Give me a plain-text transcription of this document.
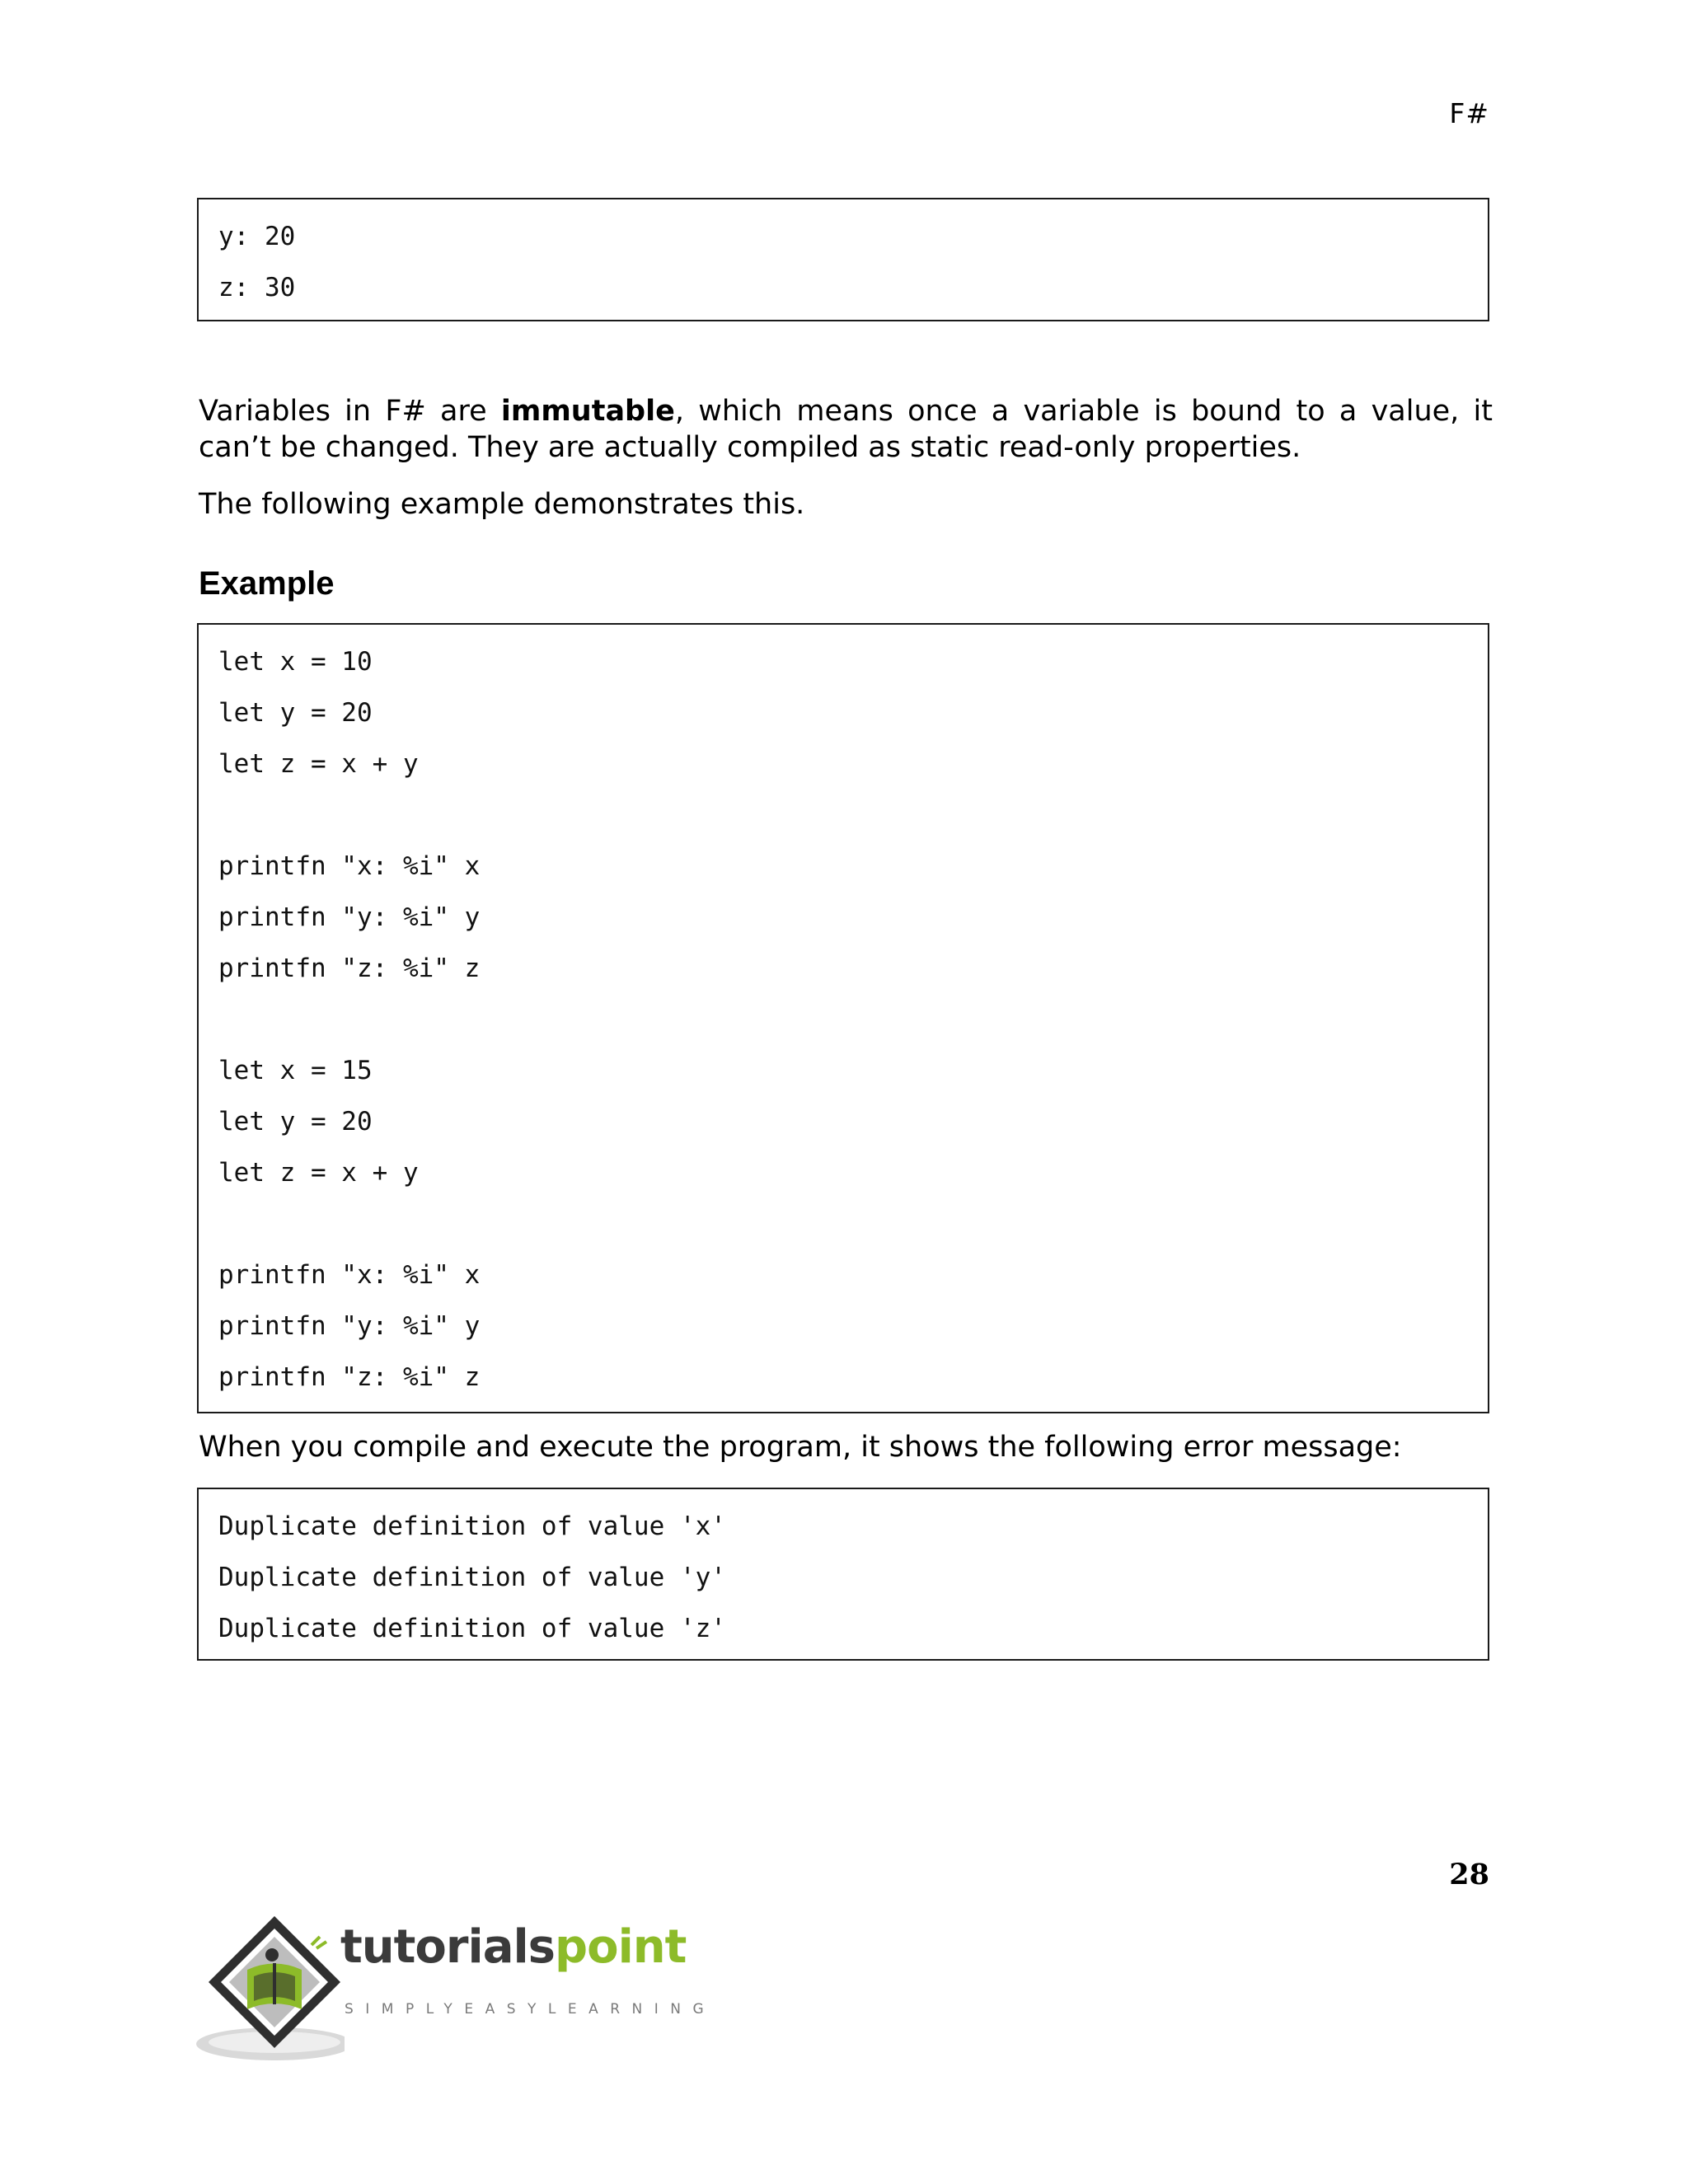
F#
y: 20
z: 30

Variables in F# are immutable, which means once a variable is bound to a value, it can’t be changed. They are actually compiled as static read-only properties.

The following example demonstrates this.

Example
let x = 10
let y = 20
let z = x + y
printfn "x: %i" x
printfn "y: %i" y
printfn "z: %i" z
let x = 15
let y = 20
let z = x + y
printfn "x: %i" x
printfn "y: %i" y
printfn "z: %i" z

When you compile and execute the program, it shows the following error message:

Duplicate definition of value 'x'
Duplicate definition of value 'y'
Duplicate definition of value 'z'
28
tutorialspoint
SIMPLYEASYLEARNING
